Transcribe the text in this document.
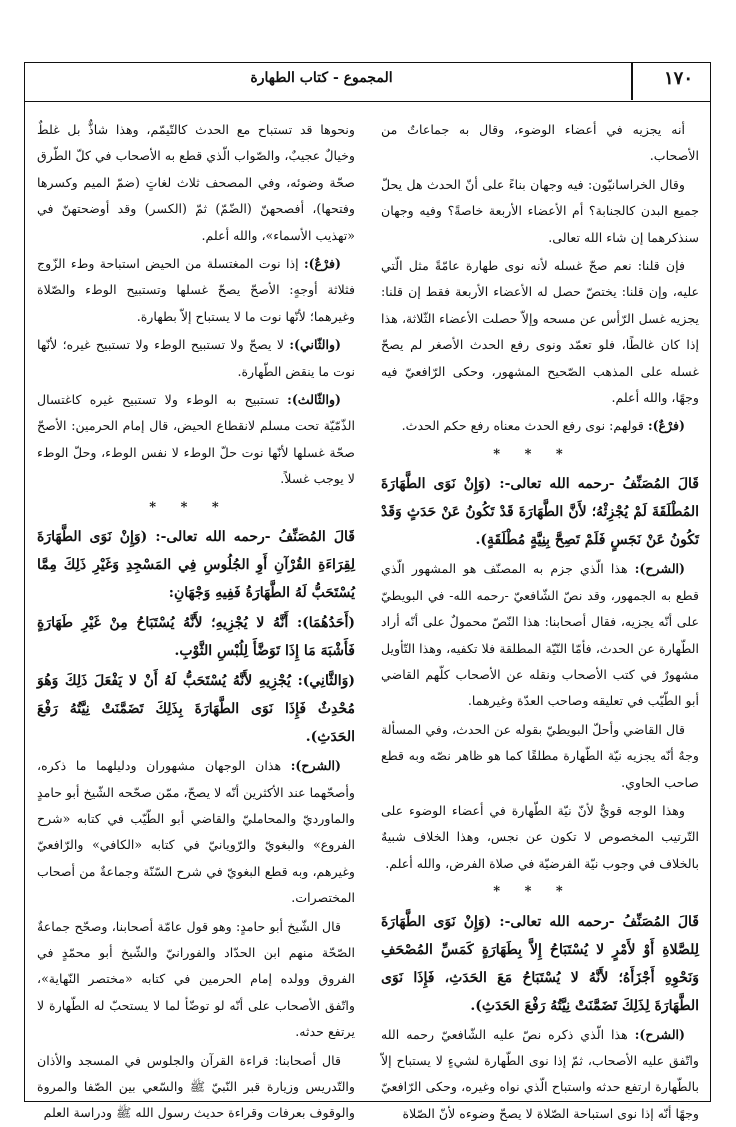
المجموع - كتاب الطهارة	١٧٠

أنه يجزيه في أعضاء الوضوء، وقال به جماعاتٌ من الأصحاب.

وقال الخراسانيّون: فيه وجهان بناءً على أنّ الحدث هل يحلّ جميع البدن كالجنابة؟ أم الأعضاء الأربعة خاصةً؟ وفيه وجهان سنذكرهما إن شاء الله تعالى.

فإن قلنا: نعم صحّ غسله لأنه نوى طهارة عامّةً مثل الّتي عليه، وإن قلنا: يختصّ حصل له الأعضاء الأربعة فقط إن قلنا: يجزيه غسل الرّأس عن مسحه وإلاّ حصلت الأعضاء الثّلاثة، هذا إذا كان غالطًا، فلو تعمّد ونوى رفع الحدث الأصغر لم يصحّ غسله على المذهب الصّحيح المشهور، وحكى الرّافعيّ فيه وجهًا، والله أعلم.

(فرْعٌ): قولهم: نوى رفع الحدث معناه رفع حكم الحدث.

* * *

قَالَ المُصَنِّفُ -رحمه الله تعالى-: (وَإِنْ نَوَى الطَّهَارَةَ المُطْلَقَةَ لَمْ يُجْزِئْهُ؛ لأَنَّ الطَّهَارَةَ قَدْ تَكُونُ عَنْ حَدَثٍ وَقَدْ تَكُونُ عَنْ نَجَسٍ فَلَمْ تَصِحَّ بِنِيَّةٍ مُطْلَقَةٍ).

(الشرح): هذا الّذي جزم به المصنّف هو المشهور الّذي قطع به الجمهور، وقد نصّ الشّافعيّ -رحمه الله- في البويطيّ على أنّه يجزيه، فقال أصحابنا: هذا النّصّ محمولٌ على أنّه أراد الطّهارة عن الحدث، فأمّا النّيّة المطلقة فلا تكفيه، وهذا التّأويل مشهورٌ في كتب الأصحاب ونقله عن الأصحاب كلّهم القاضي أبو الطّيّب في تعليقه وصاحب العدّة وغيرهما.

قال القاضي وأحلّ البويطيّ بقوله عن الحدث، وفي المسألة وجهٌ أنّه يجزيه نيّة الطّهارة مطلقًا كما هو ظاهر نصّه وبه قطع صاحب الحاوي.

وهذا الوجه قويٌّ لأنّ نيّة الطّهارة في أعضاء الوضوء على التّرتيب المخصوص لا تكون عن نجس، وهذا الخلاف شبيهٌ بالخلاف في وجوب نيّة الفرضيّة في صلاة الفرض، والله أعلم.

* * *

قَالَ المُصَنِّفُ -رحمه الله تعالى-: (وَإِنْ نَوَى الطَّهَارَةَ لِلصَّلاةِ أَوْ لأَمْرٍ لا يُسْتَبَاحُ إِلاَّ بِطَهَارَةٍ كَمَسِّ المُصْحَفِ وَنَحْوِهِ أَجْزَأَهُ؛ لأَنَّهُ لا يُسْتَبَاحُ مَعَ الحَدَثِ، فَإِذَا نَوَى الطَّهَارَةَ لِذَلِكَ تَضَمَّنَتْ نِيَّتُهُ رَفْعَ الحَدَثِ).

(الشرح): هذا الّذي ذكره نصّ عليه الشّافعيّ رحمه الله واتّفق عليه الأصحاب، ثمّ إذا نوى الطّهارة لشيءٍ لا يستباح إلاّ بالطّهارة ارتفع حدثه واستباح الّذي نواه وغيره، وحكى الرّافعيّ وجهًا أنّه إذا نوى استباحة الصّلاة لا يصحّ وضوءه لأنّ الصّلاة

ونحوها قد تستباح مع الحدث كالتّيمّم، وهذا شاذٌّ بل غلطٌ وخيالٌ عجيبٌ، والصّواب الّذي قطع به الأصحاب في كلّ الطّرق صحّة وضوئه، وفي المصحف ثلاث لغاتٍ (ضمّ الميم وكسرها وفتحها)، أفصحهنّ (الضّمّ) ثمّ (الكسر) وقد أوضحتهنّ في «تهذيب الأسماء»، والله أعلم.

(فرْعٌ): إذا نوت المغتسلة من الحيض استباحة وطء الزّوج فثلاثة أوجهٍ: الأصحّ يصحّ غسلها وتستبيح الوطء والصّلاة وغيرهما؛ لأنّها نوت ما لا يستباح إلاّ بطهارة.

(والثّاني): لا يصحّ ولا تستبيح الوطء ولا تستبيح غيره؛ لأنّها نوت ما ينقض الطّهارة.

(والثّالث): تستبيح به الوطء ولا تستبيح غيره كاغتسال الذّمّيّة تحت مسلم لانقطاع الحيض، قال إمام الحرمين: الأصحّ صحّة غسلها لأنّها نوت حلّ الوطء لا نفس الوطء، وحلّ الوطء لا يوجب غسلاً.

* * *

قَالَ المُصَنِّفُ -رحمه الله تعالى-: (وَإِنْ نَوَى الطَّهَارَةَ لِقِرَاءَةِ القُرْآنِ أَوِ الجُلُوسِ فِي المَسْجِدِ وَغَيْرِ ذَلِكَ مِمَّا يُسْتَحَبُّ لَهُ الطَّهَارَةُ فَفِيهِ وَجْهَانِ:

(أَحَدُهُمَا): أَنَّهُ لا يُجْزِيهِ؛ لأَنَّهُ يُسْتَبَاحُ مِنْ غَيْرِ طَهَارَةٍ فَأَشْبَهَ مَا إِذَا تَوَضَّأَ لِلُبْسِ الثَّوْبِ.

(وَالثَّانِي): يُجْزِيهِ لأَنَّهُ يُسْتَحَبُّ لَهُ أَنْ لا يَفْعَلَ ذَلِكَ وَهُوَ مُحْدِثٌ فَإِذَا نَوَى الطَّهَارَةَ بِذَلِكَ تَضَمَّنَتْ نِيَّتُهُ رَفْعَ الحَدَثِ).

(الشرح): هذان الوجهان مشهوران ودليلهما ما ذكره، وأصحّهما عند الأكثرين أنّه لا يصحّ، ممّن صحّحه الشّيخ أبو حامدٍ والماورديّ والمحامليّ والقاضي أبو الطّيّب في كتابه «شرح الفروع» والبغويّ والرّويانيّ في كتابه «الكافي» والرّافعيّ وغيرهم، وبه قطع البغويّ في شرح السّنّة وجماعةٌ من أصحاب المختصرات.

قال الشّيخ أبو حامدٍ: وهو قول عامّة أصحابنا، وصحّح جماعةٌ الصّحّة منهم ابن الحدّاد والفورانيّ والشّيخ أبو محمّدٍ في الفروق وولده إمام الحرمين في كتابه «مختصر النّهاية»، واتّفق الأصحاب على أنّه لو توضّأ لما لا يستحبّ له الطّهارة لا يرتفع حدثه.

قال أصحابنا: قراءة القرآن والجلوس في المسجد والأذان والتّدريس وزيارة قبر النّبيّ ﷺ والسّعي بين الصّفا والمروة والوقوف بعرفات وقراءة حديث رسول الله ﷺ ودراسة العلم
